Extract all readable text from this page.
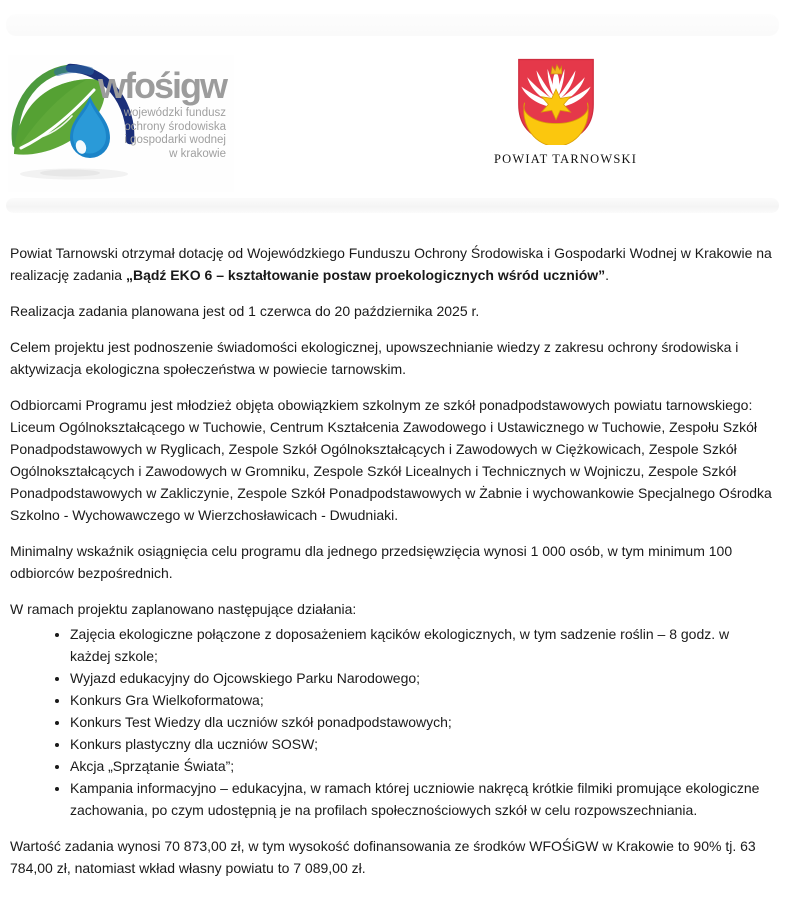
wfośigw
wojewódzki fundusz
ochrony środowiska
i gospodarki wodnej
w krakowie	POWIAT TARNOWSKI

Powiat Tarnowski otrzymał dotację od Wojewódzkiego Funduszu Ochrony Środowiska i Gospodarki Wodnej w Krakowie na realizację zadania „Bądź EKO 6 – kształtowanie postaw proekologicznych wśród uczniów”.

Realizacja zadania planowana jest od 1 czerwca do 20 października 2025 r.

Celem projektu jest podnoszenie świadomości ekologicznej, upowszechnianie wiedzy z zakresu ochrony środowiska i aktywizacja ekologiczna społeczeństwa w powiecie tarnowskim.

Odbiorcami Programu jest młodzież objęta obowiązkiem szkolnym ze szkół ponadpodstawowych powiatu tarnowskiego: Liceum Ogólnokształcącego w Tuchowie, Centrum Kształcenia Zawodowego i Ustawicznego w Tuchowie, Zespołu Szkół Ponadpodstawowych w Ryglicach, Zespole Szkół Ogólnokształcących i Zawodowych w Ciężkowicach, Zespole Szkół Ogólnokształcących i Zawodowych w Gromniku, Zespole Szkół Licealnych i Technicznych w Wojniczu, Zespole Szkół Ponadpodstawowych w Zakliczynie, Zespole Szkół Ponadpodstawowych w Żabnie i wychowankowie Specjalnego Ośrodka Szkolno - Wychowawczego w Wierzchosławicach - Dwudniaki.

Minimalny wskaźnik osiągnięcia celu programu dla jednego przedsięwzięcia wynosi 1 000 osób, w tym minimum 100 odbiorców bezpośrednich.

W ramach projektu zaplanowano następujące działania:

• Zajęcia ekologiczne połączone z doposażeniem kącików ekologicznych, w tym sadzenie roślin – 8 godz. w każdej szkole;
• Wyjazd edukacyjny do Ojcowskiego Parku Narodowego;
• Konkurs Gra Wielkoformatowa;
• Konkurs Test Wiedzy dla uczniów szkół ponadpodstawowych;
• Konkurs plastyczny dla uczniów SOSW;
• Akcja „Sprzątanie Świata”;
• Kampania informacyjno – edukacyjna, w ramach której uczniowie nakręcą krótkie filmiki promujące ekologiczne zachowania, po czym udostępnią je na profilach społecznościowych szkół w celu rozpowszechniania.

Wartość zadania wynosi 70 873,00 zł, w tym wysokość dofinansowania ze środków WFOŚiGW w Krakowie to 90% tj. 63 784,00 zł, natomiast wkład własny powiatu to 7 089,00 zł.
